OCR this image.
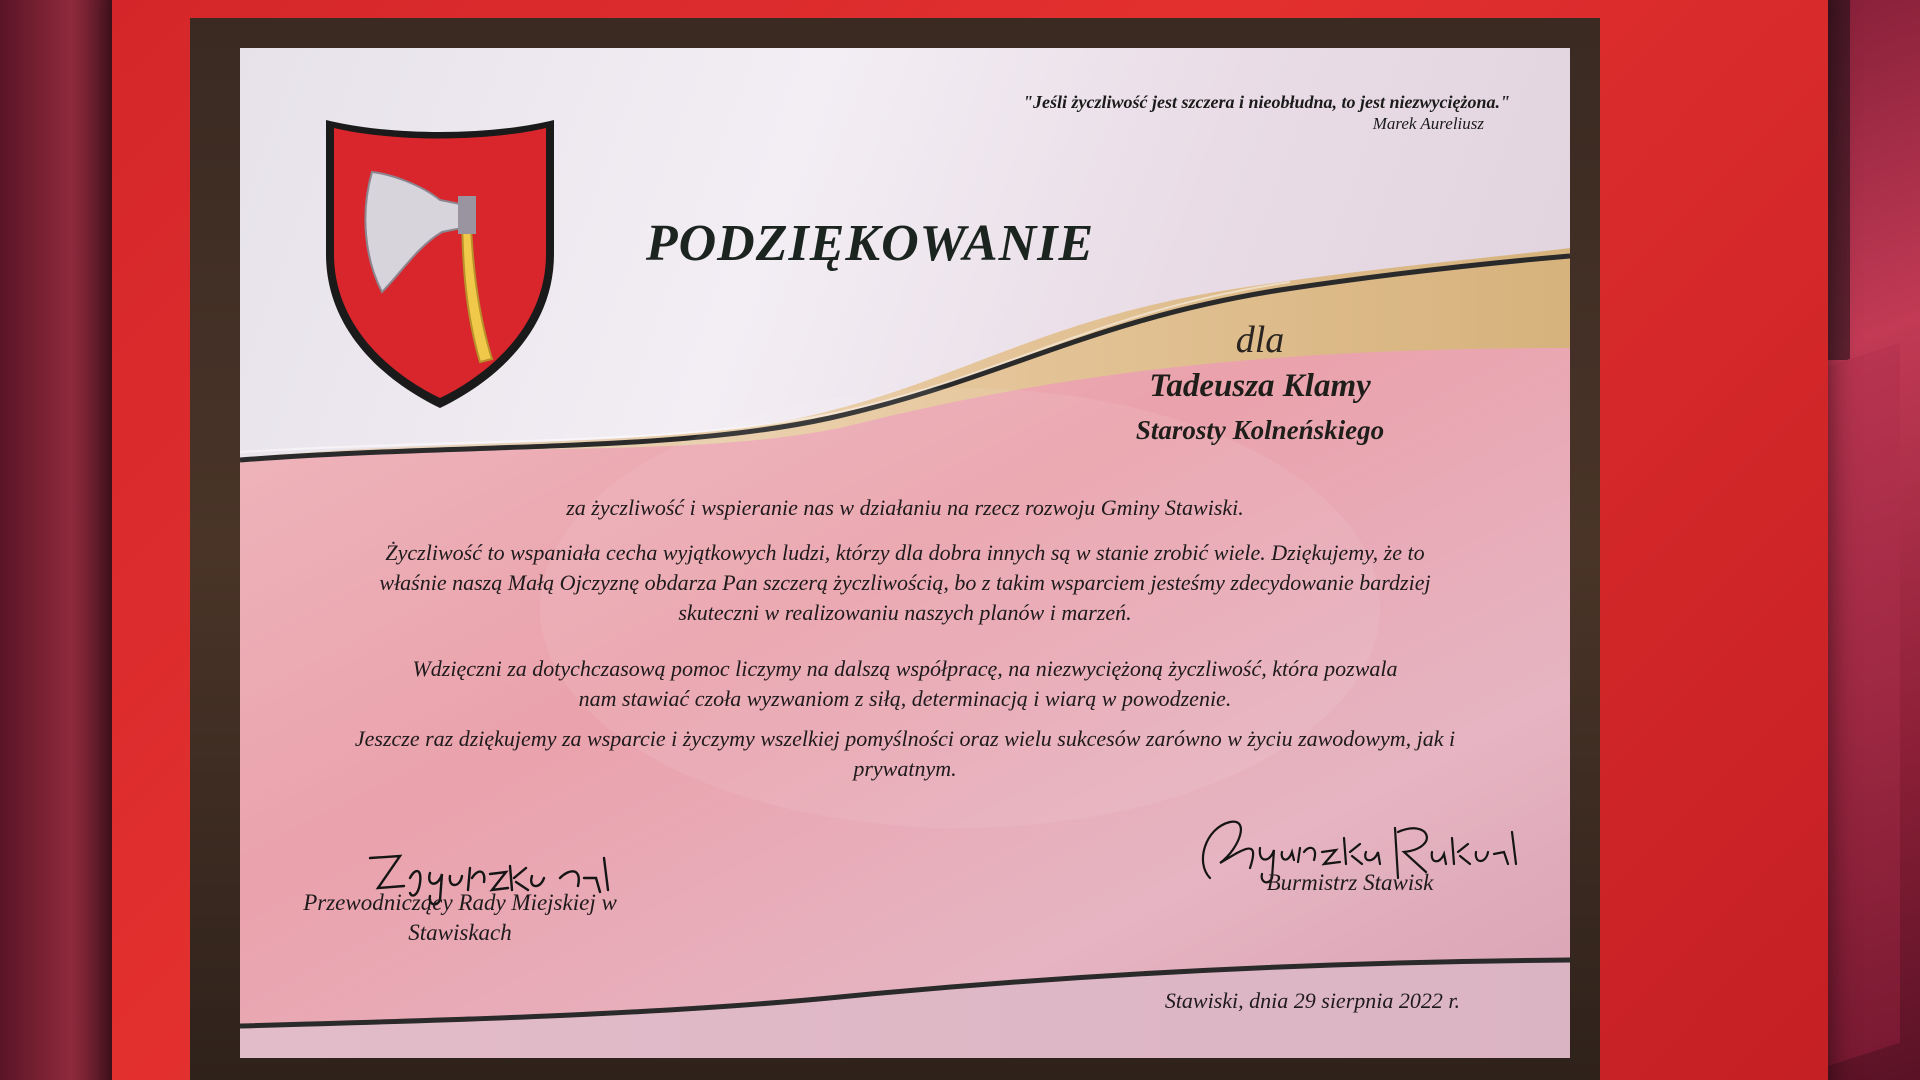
"Jeśli życzliwość jest szczera i nieobłudna, to jest niezwyciężona."
Marek Aureliusz
PODZIĘKOWANIE
dla
Tadeusza Klamy
Starosty Kolneńskiego
za życzliwość i wspieranie nas w działaniu na rzecz rozwoju Gminy Stawiski.
Życzliwość to wspaniała cecha wyjątkowych ludzi, którzy dla dobra innych są w stanie zrobić wiele. Dziękujemy, że to właśnie naszą Małą Ojczyznę obdarza Pan szczerą życzliwością, bo z takim wsparciem jesteśmy zdecydowanie bardziej skuteczni w realizowaniu naszych planów i marzeń.
Wdzięczni za dotychczasową pomoc liczymy na dalszą współpracę, na niezwyciężoną życzliwość, która pozwala nam stawiać czoła wyzwaniom z siłą, determinacją i wiarą w powodzenie.
Jeszcze raz dziękujemy za wsparcie i życzymy wszelkiej pomyślności oraz wielu sukcesów zarówno w życiu zawodowym, jak i prywatnym.
Przewodniczący Rady Miejskiej w Stawiskach
Burmistrz Stawisk
Stawiski, dnia 29 sierpnia 2022 r.
